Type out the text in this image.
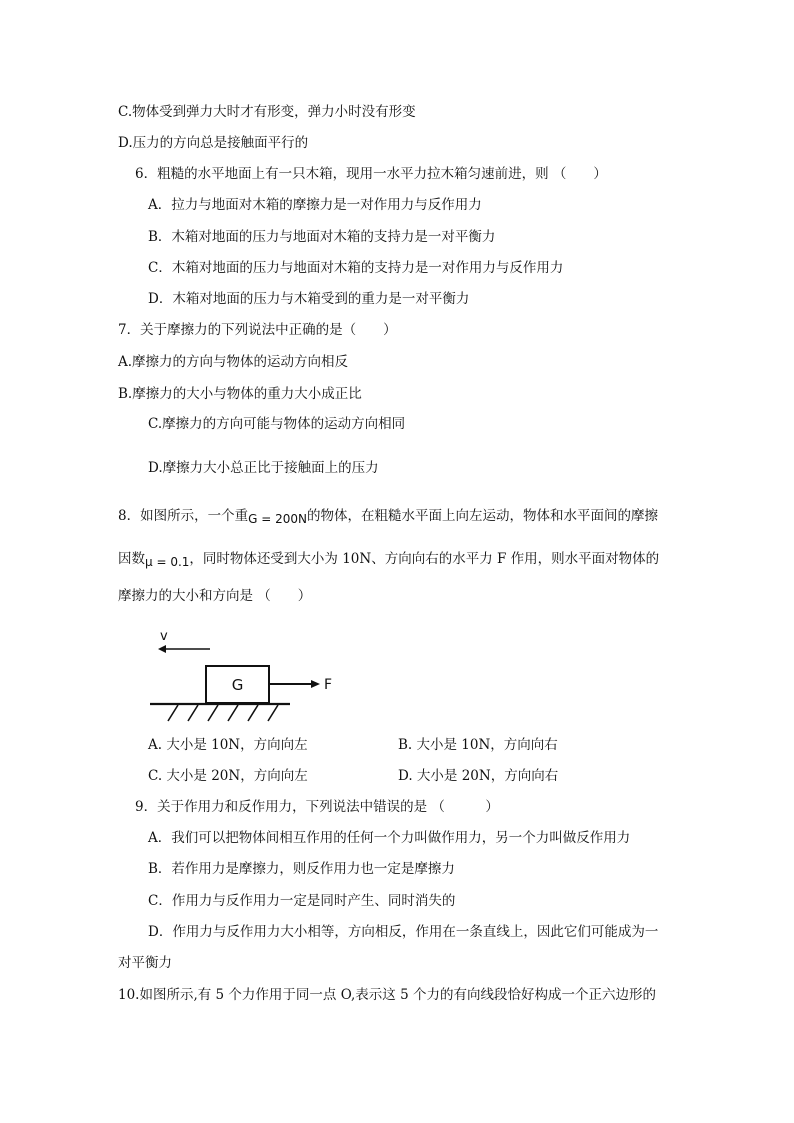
C.物体受到弹力大时才有形变，弹力小时没有形变
D.压力的方向总是接触面平行的
6．粗糙的水平地面上有一只木箱，现用一水平力拉木箱匀速前进，则 （　　）
A．拉力与地面对木箱的摩擦力是一对作用力与反作用力
B．木箱对地面的压力与地面对木箱的支持力是一对平衡力
C．木箱对地面的压力与地面对木箱的支持力是一对作用力与反作用力
D．木箱对地面的压力与木箱受到的重力是一对平衡力
7．关于摩擦力的下列说法中正确的是（　　）
A.摩擦力的方向与物体的运动方向相反
B.摩擦力的大小与物体的重力大小成正比
C.摩擦力的方向可能与物体的运动方向相同
D.摩擦力大小总正比于接触面上的压力
8．如图所示，一个重G = 200N的物体，在粗糙水平面上向左运动，物体和水平面间的摩擦
因数μ = 0.1，同时物体还受到大小为 10N、方向向右的水平力 F 作用，则水平面对物体的
摩擦力的大小和方向是 （　　）
v
G	F
A. 大小是 10N，方向向左	B. 大小是 10N，方向向右
C. 大小是 20N，方向向左	D. 大小是 20N，方向向右
9．关于作用力和反作用力，下列说法中错误的是 （　　　）
A．我们可以把物体间相互作用的任何一个力叫做作用力，另一个力叫做反作用力
B．若作用力是摩擦力，则反作用力也一定是摩擦力
C．作用力与反作用力一定是同时产生、同时消失的
D．作用力与反作用力大小相等，方向相反，作用在一条直线上，因此它们可能成为一
对平衡力
10.如图所示,有 5 个力作用于同一点 O,表示这 5 个力的有向线段恰好构成一个正六边形的
